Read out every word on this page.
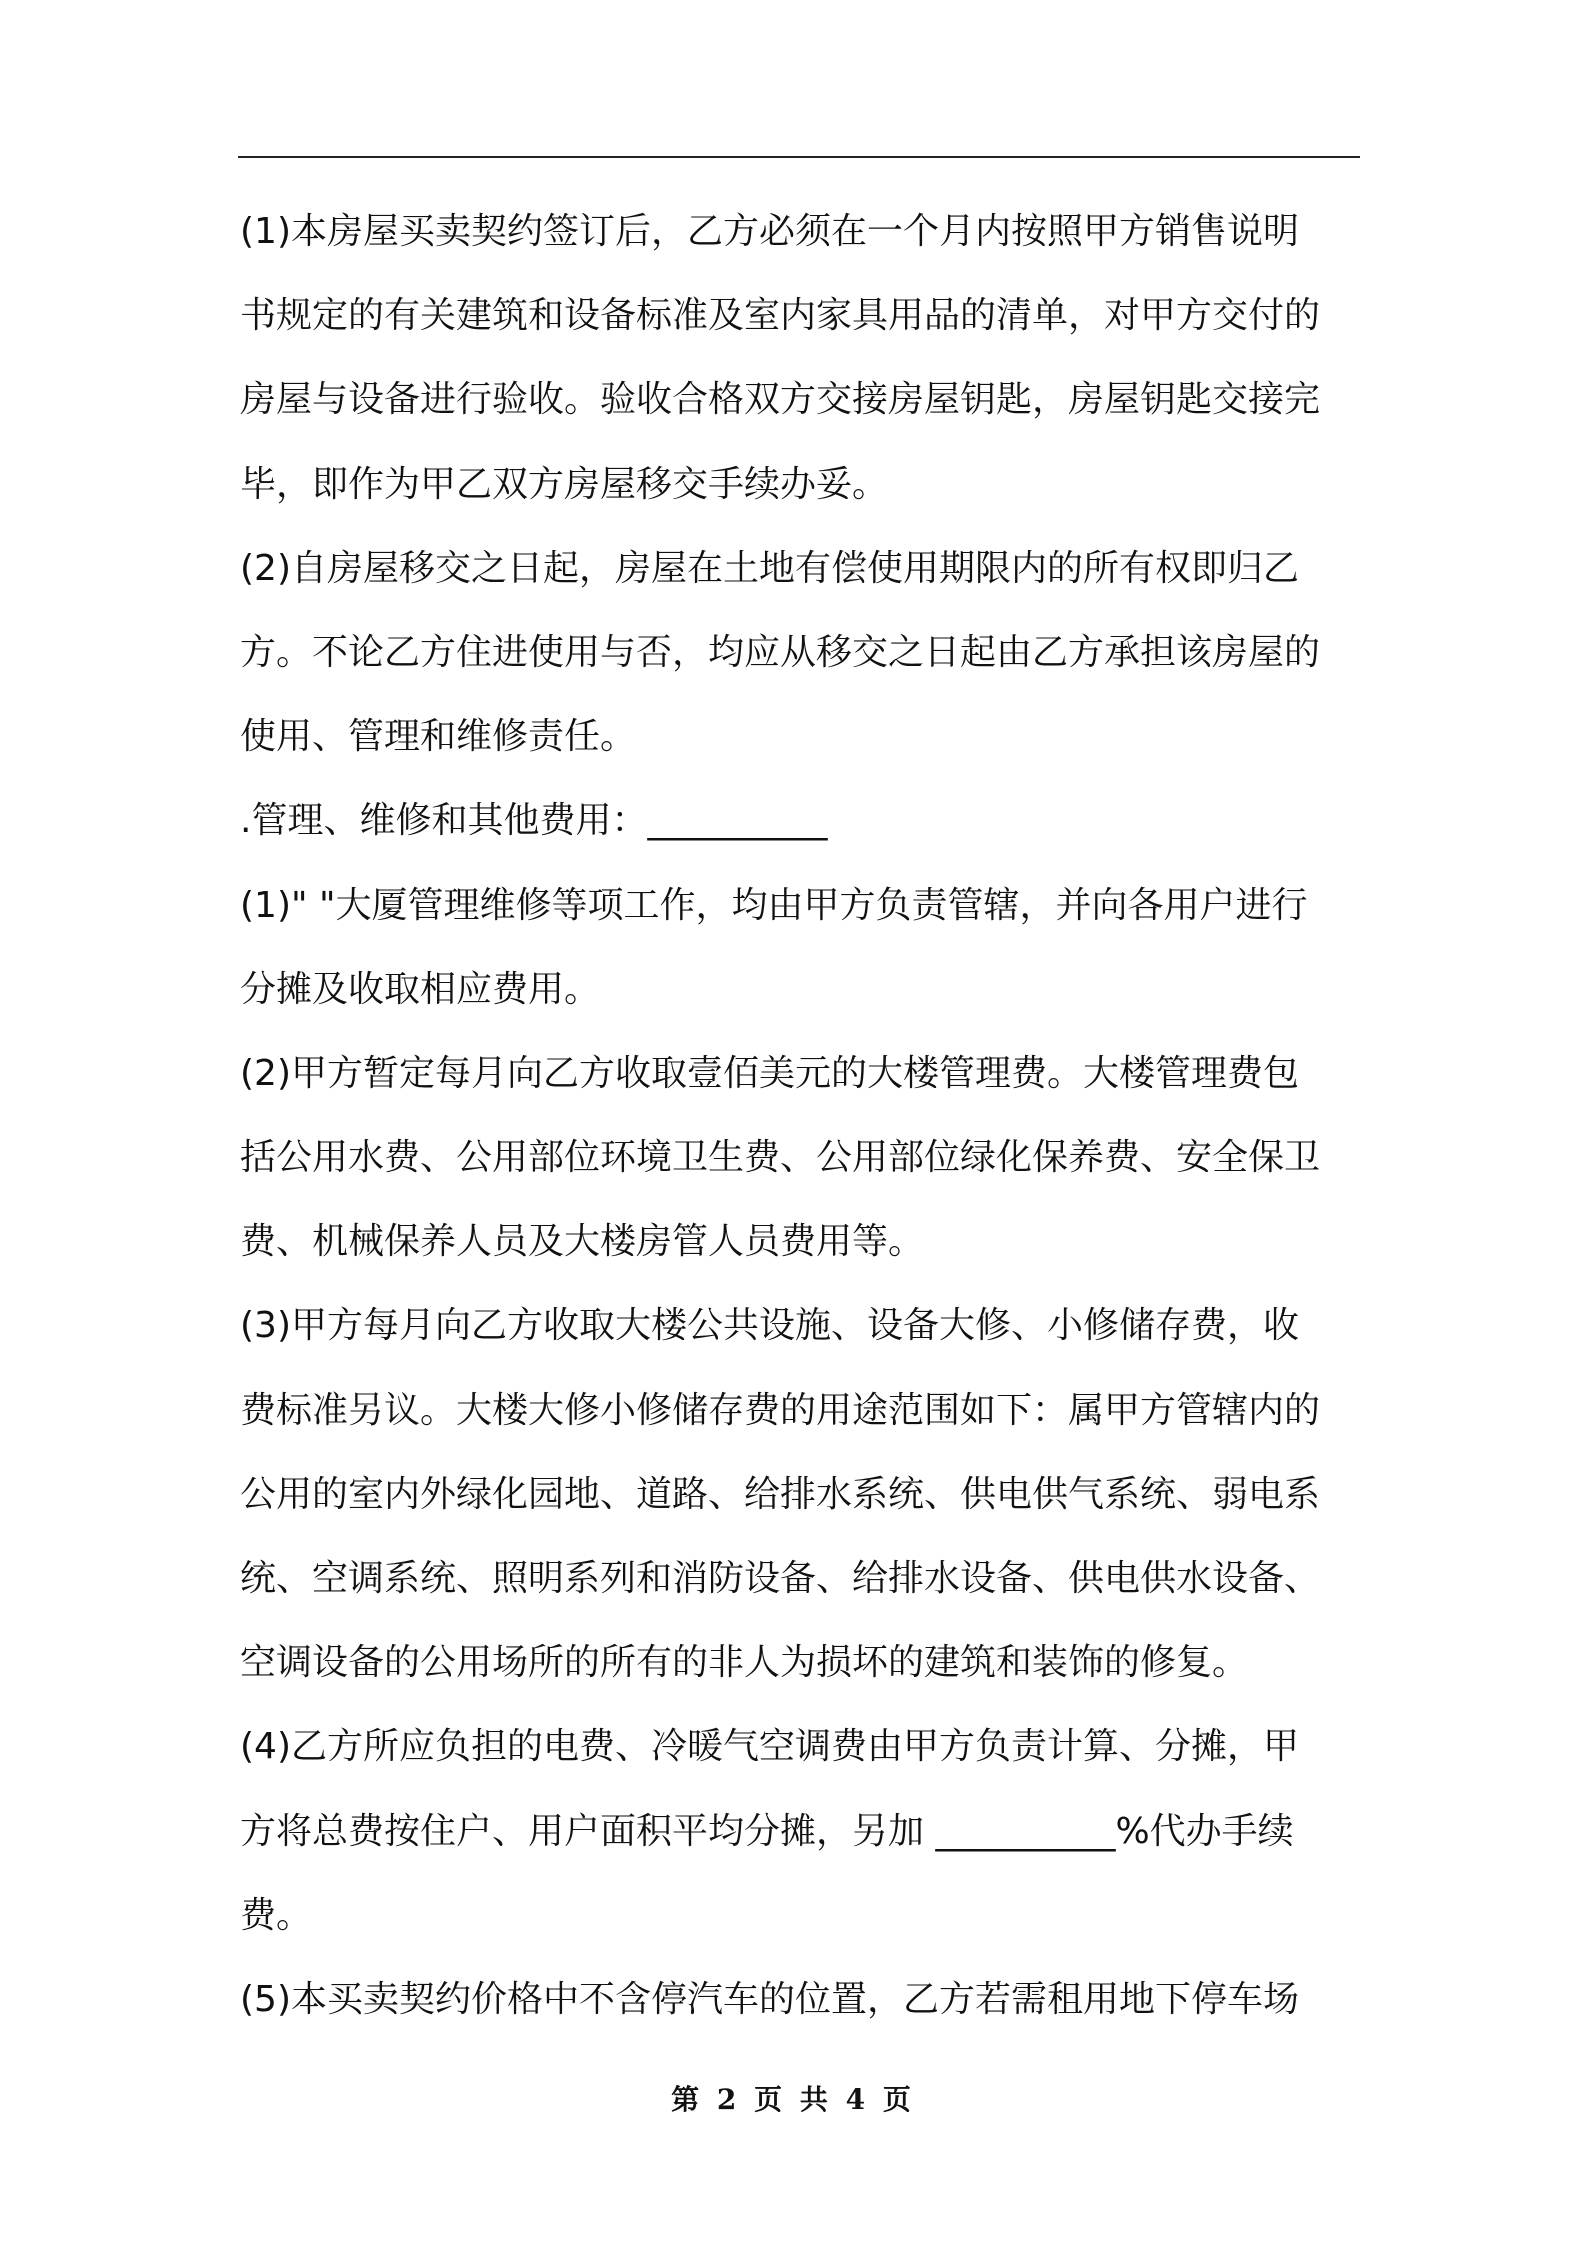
(1)本房屋买卖契约签订后，乙方必须在一个月内按照甲方销售说明
书规定的有关建筑和设备标准及室内家具用品的清单，对甲方交付的
房屋与设备进行验收。验收合格双方交接房屋钥匙，房屋钥匙交接完
毕，即作为甲乙双方房屋移交手续办妥。
(2)自房屋移交之日起，房屋在土地有偿使用期限内的所有权即归乙
方。不论乙方住进使用与否，均应从移交之日起由乙方承担该房屋的
使用、管理和维修责任。
.管理、维修和其他费用：__________
(1)" "大厦管理维修等项工作，均由甲方负责管辖，并向各用户进行
分摊及收取相应费用。
(2)甲方暂定每月向乙方收取壹佰美元的大楼管理费。大楼管理费包
括公用水费、公用部位环境卫生费、公用部位绿化保养费、安全保卫
费、机械保养人员及大楼房管人员费用等。
(3)甲方每月向乙方收取大楼公共设施、设备大修、小修储存费，收
费标准另议。大楼大修小修储存费的用途范围如下：属甲方管辖内的
公用的室内外绿化园地、道路、给排水系统、供电供气系统、弱电系
统、空调系统、照明系列和消防设备、给排水设备、供电供水设备、
空调设备的公用场所的所有的非人为损坏的建筑和装饰的修复。
(4)乙方所应负担的电费、冷暖气空调费由甲方负责计算、分摊，甲
方将总费按住户、用户面积平均分摊，另加 __________%代办手续
费。
(5)本买卖契约价格中不含停汽车的位置，乙方若需租用地下停车场
第 2 页 共 4 页
